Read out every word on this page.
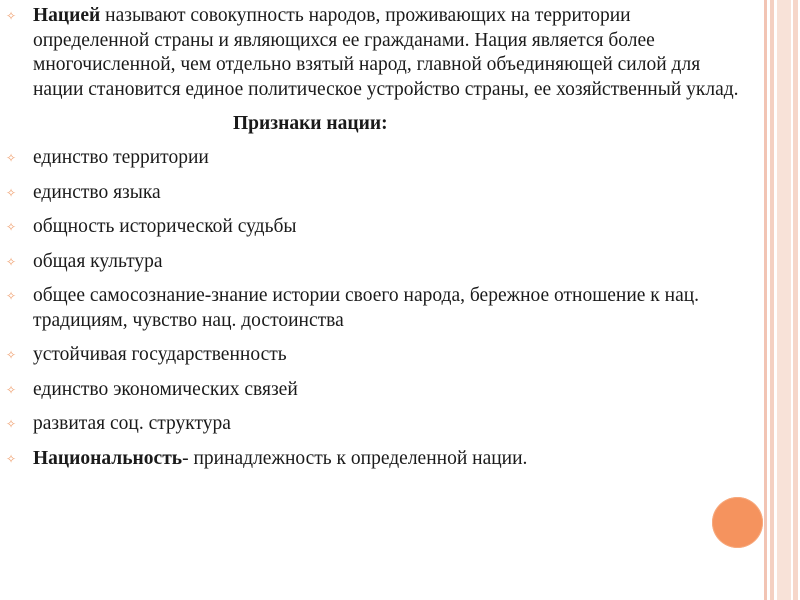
✧ Нацией называют совокупность народов, проживающих на территории определенной страны и являющихся ее гражданами. Нация является более многочисленной, чем отдельно взятый народ, главной объединяющей силой для нации становится единое политическое устройство страны, ее хозяйственный уклад.
Признаки нации:
✧ единство территории
✧ единство языка
✧ общность исторической судьбы
✧ общая культура
✧ общее самосознание-знание истории своего народа, бережное отношение к нац. традициям, чувство нац. достоинства
✧ устойчивая государственность
✧ единство экономических связей
✧ развитая соц. структура
✧ Национальность- принадлежность к определенной нации.
